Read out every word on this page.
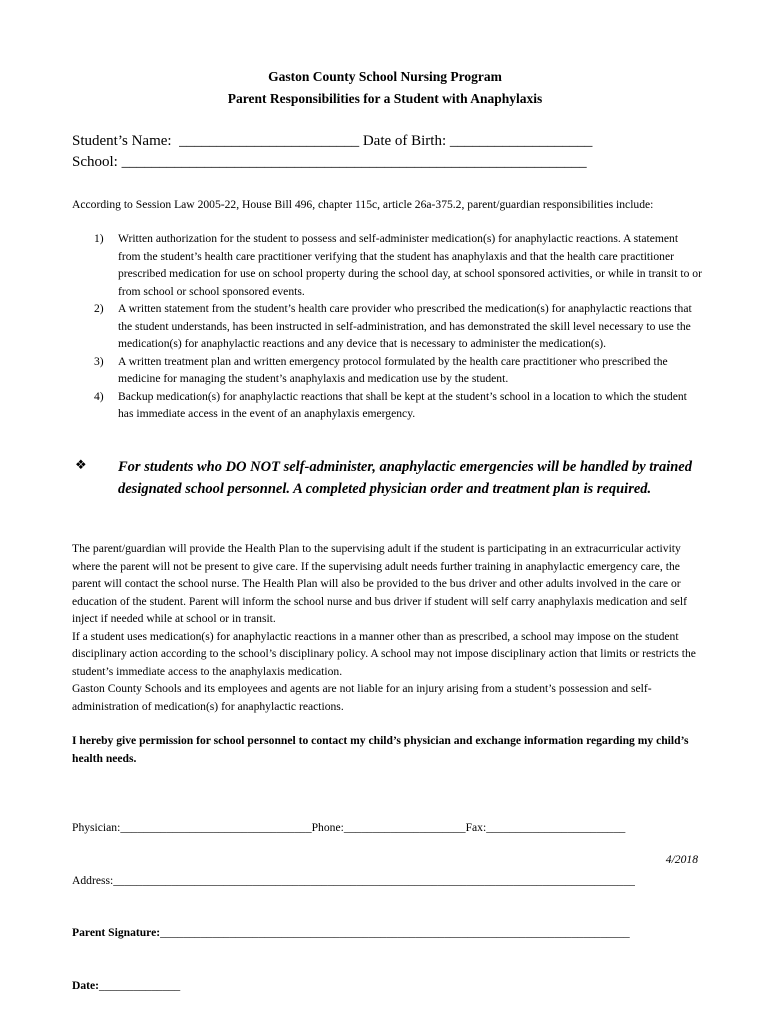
Gaston County School Nursing Program
Parent Responsibilities for a Student with Anaphylaxis
Student’s Name: ________________________ Date of Birth: ___________________
School: ______________________________________________________________
According to Session Law 2005-22, House Bill 496, chapter 115c, article 26a-375.2, parent/guardian responsibilities include:
1) Written authorization for the student to possess and self-administer medication(s) for anaphylactic reactions. A statement from the student’s health care practitioner verifying that the student has anaphylaxis and that the health care practitioner prescribed medication for use on school property during the school day, at school sponsored activities, or while in transit to or from school or school sponsored events.
2) A written statement from the student’s health care provider who prescribed the medication(s) for anaphylactic reactions that the student understands, has been instructed in self-administration, and has demonstrated the skill level necessary to use the medication(s) for anaphylactic reactions and any device that is necessary to administer the medication(s).
3) A written treatment plan and written emergency protocol formulated by the health care practitioner who prescribed the medicine for managing the student’s anaphylaxis and medication use by the student.
4) Backup medication(s) for anaphylactic reactions that shall be kept at the student’s school in a location to which the student has immediate access in the event of an anaphylaxis emergency.
❖ For students who DO NOT self-administer, anaphylactic emergencies will be handled by trained designated school personnel. A completed physician order and treatment plan is required.
The parent/guardian will provide the Health Plan to the supervising adult if the student is participating in an extracurricular activity where the parent will not be present to give care. If the supervising adult needs further training in anaphylactic emergency care, the parent will contact the school nurse. The Health Plan will also be provided to the bus driver and other adults involved in the care or education of the student. Parent will inform the school nurse and bus driver if student will self carry anaphylaxis medication and self inject if needed while at school or in transit.
If a student uses medication(s) for anaphylactic reactions in a manner other than as prescribed, a school may impose on the student disciplinary action according to the school’s disciplinary policy. A school may not impose disciplinary action that limits or restricts the student’s immediate access to the anaphylaxis medication.
Gaston County Schools and its employees and agents are not liable for an injury arising from a student’s possession and self-administration of medication(s) for anaphylactic reactions.
I hereby give permission for school personnel to contact my child’s physician and exchange information regarding my child’s health needs.

Physician:_________________________________Phone:_____________________Fax:________________________

Address:__________________________________________________________________________________________

Parent Signature:_________________________________________________________________________________

Date:______________

4/2018
